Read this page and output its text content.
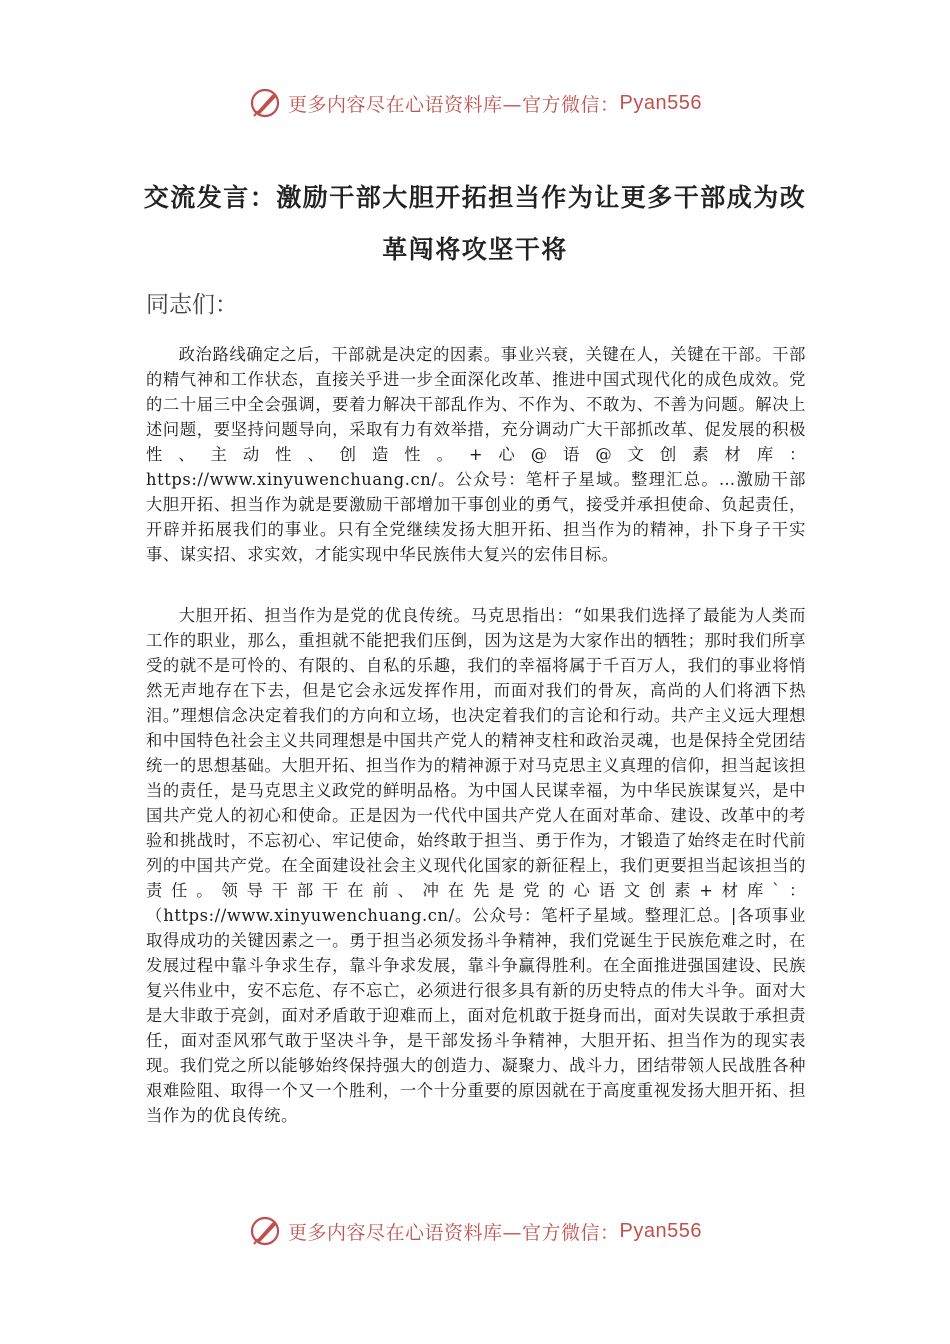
更多内容尽在心语资料库—官方微信： Pyan556
交流发言：激励干部大胆开拓担当作为让更多干部成为改革闯将攻坚干将
同志们：

政治路线确定之后，干部就是决定的因素。事业兴衰，关键在人，关键在干部。干部的精气神和工作状态，直接关乎进一步全面深化改革、推进中国式现代化的成色成效。党的二十届三中全会强调，要着力解决干部乱作为、不作为、不敢为、不善为问题。解决上述问题，要坚持问题导向，采取有力有效举措，充分调动广大干部抓改革、促发展的积极性、主动性、创造性。+心@语@文创素材库：https://www.xinyuwenchuang.cn/。公众号：笔杆子星域。整理汇总。…激励干部大胆开拓、担当作为就是要激励干部增加干事创业的勇气，接受并承担使命、负起责任，开辟并拓展我们的事业。只有全党继续发扬大胆开拓、担当作为的精神，扑下身子干实事、谋实招、求实效，才能实现中华民族伟大复兴的宏伟目标。

大胆开拓、担当作为是党的优良传统。马克思指出：“如果我们选择了最能为人类而工作的职业，那么，重担就不能把我们压倒，因为这是为大家作出的牺牲；那时我们所享受的就不是可怜的、有限的、自私的乐趣，我们的幸福将属于千百万人，我们的事业将悄然无声地存在下去，但是它会永远发挥作用，而面对我们的骨灰，高尚的人们将洒下热泪。”理想信念决定着我们的方向和立场，也决定着我们的言论和行动。共产主义远大理想和中国特色社会主义共同理想是中国共产党人的精神支柱和政治灵魂，也是保持全党团结统一的思想基础。大胆开拓、担当作为的精神源于对马克思主义真理的信仰，担当起该担当的责任，是马克思主义政党的鲜明品格。为中国人民谋幸福，为中华民族谋复兴，是中国共产党人的初心和使命。正是因为一代代中国共产党人在面对革命、建设、改革中的考验和挑战时，不忘初心、牢记使命，始终敢于担当、勇于作为，才锻造了始终走在时代前列的中国共产党。在全面建设社会主义现代化国家的新征程上，我们更要担当起该担当的责任。领导干部干在前、冲在先是党的心语文创素+材库`：（https://www.xinyuwenchuang.cn/。公众号：笔杆子星域。整理汇总。|各项事业取得成功的关键因素之一。勇于担当必须发扬斗争精神，我们党诞生于民族危难之时，在发展过程中靠斗争求生存，靠斗争求发展，靠斗争赢得胜利。在全面推进强国建设、民族复兴伟业中，安不忘危、存不忘亡，必须进行很多具有新的历史特点的伟大斗争。面对大是大非敢于亮剑，面对矛盾敢于迎难而上，面对危机敢于挺身而出，面对失误敢于承担责任，面对歪风邪气敢于坚决斗争，是干部发扬斗争精神，大胆开拓、担当作为的现实表现。我们党之所以能够始终保持强大的创造力、凝聚力、战斗力，团结带领人民战胜各种艰难险阻、取得一个又一个胜利，一个十分重要的原因就在于高度重视发扬大胆开拓、担当作为的优良传统。

更多内容尽在心语资料库—官方微信： Pyan556
